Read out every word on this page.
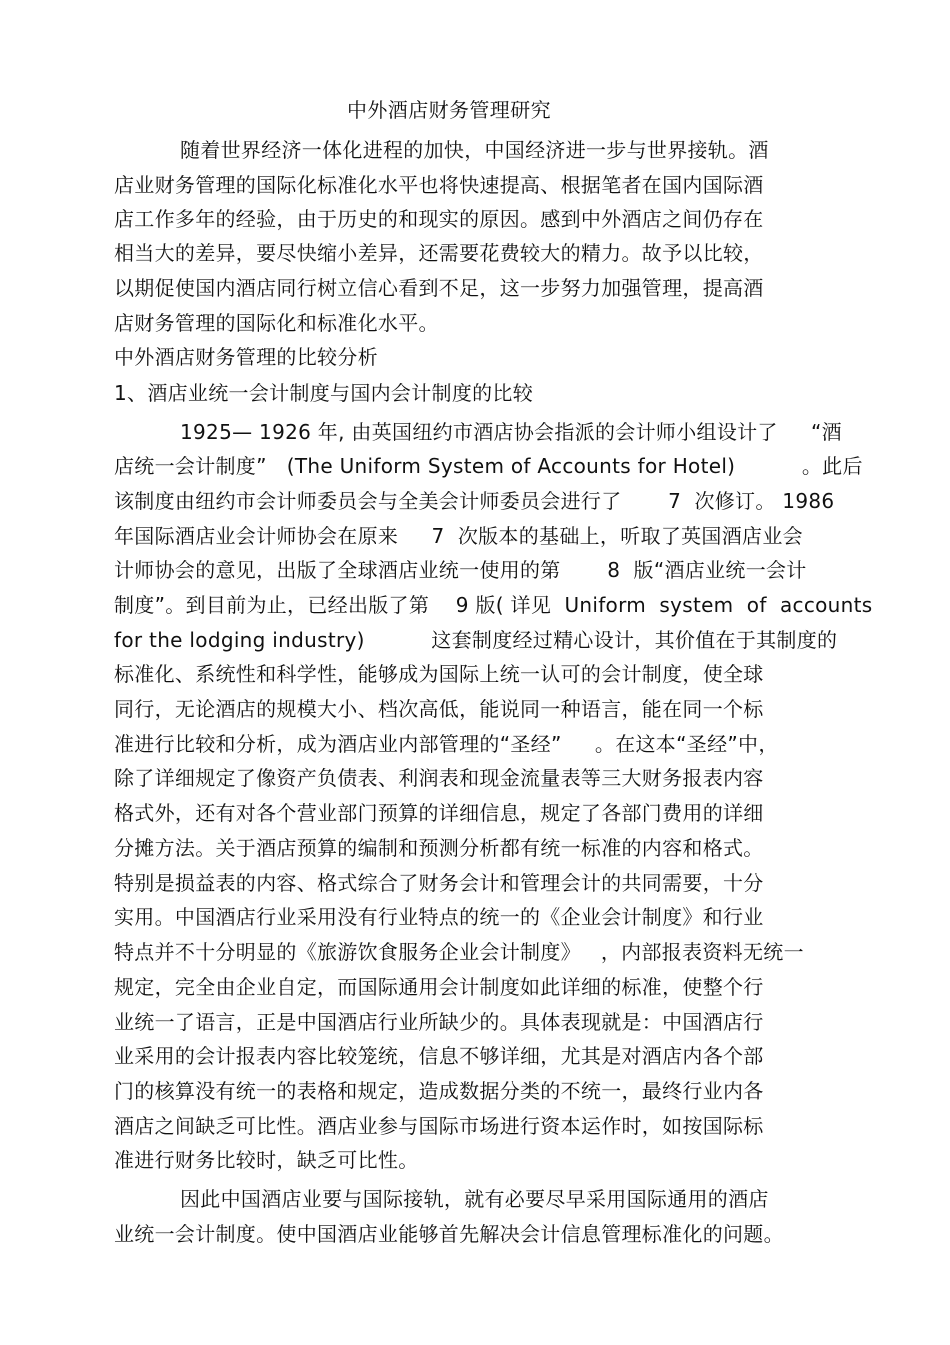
中外酒店财务管理研究
随着世界经济一体化进程的加快，中国经济进一步与世界接轨。酒
店业财务管理的国际化标准化水平也将快速提高、根据笔者在国内国际酒
店工作多年的经验，由于历史的和现实的原因。感到中外酒店之间仍存在
相当大的差异，要尽快缩小差异，还需要花费较大的精力。故予以比较，
以期促使国内酒店同行树立信心看到不足，这一步努力加强管理，提高酒
店财务管理的国际化和标准化水平。
中外酒店财务管理的比较分析
1、酒店业统一会计制度与国内会计制度的比较
1925— 1926 年, 由英国纽约市酒店协会指派的会计师小组设计了     “酒
店统一会计制度”   (The Uniform System of Accounts for Hotel)          。此后
该制度由纽约市会计师委员会与全美会计师委员会进行了       7  次修订。 1986
年国际酒店业会计师协会在原来     7  次版本的基础上，听取了英国酒店业会
计师协会的意见，出版了全球酒店业统一使用的第       8  版“酒店业统一会计
制度”。到目前为止，已经出版了第    9 版( 详见  Uniform  system  of  accounts
for the lodging industry)          这套制度经过精心设计，其价值在于其制度的
标准化、系统性和科学性，能够成为国际上统一认可的会计制度，使全球
同行，无论酒店的规模大小、档次高低，能说同一种语言，能在同一个标
准进行比较和分析，成为酒店业内部管理的“圣经”     。在这本“圣经”中，
除了详细规定了像资产负债表、利润表和现金流量表等三大财务报表内容
格式外，还有对各个营业部门预算的详细信息，规定了各部门费用的详细
分摊方法。关于酒店预算的编制和预测分析都有统一标准的内容和格式。
特别是损益表的内容、格式综合了财务会计和管理会计的共同需要，十分
实用。中国酒店行业采用没有行业特点的统一的《企业会计制度》和行业
特点并不十分明显的《旅游饮食服务企业会计制度》   ，内部报表资料无统一
规定，完全由企业自定，而国际通用会计制度如此详细的标准，使整个行
业统一了语言，正是中国酒店行业所缺少的。具体表现就是：中国酒店行
业采用的会计报表内容比较笼统，信息不够详细，尤其是对酒店内各个部
门的核算没有统一的表格和规定，造成数据分类的不统一，最终行业内各
酒店之间缺乏可比性。酒店业参与国际市场进行资本运作时，如按国际标
准进行财务比较时，缺乏可比性。
因此中国酒店业要与国际接轨，就有必要尽早采用国际通用的酒店
业统一会计制度。使中国酒店业能够首先解决会计信息管理标准化的问题。
